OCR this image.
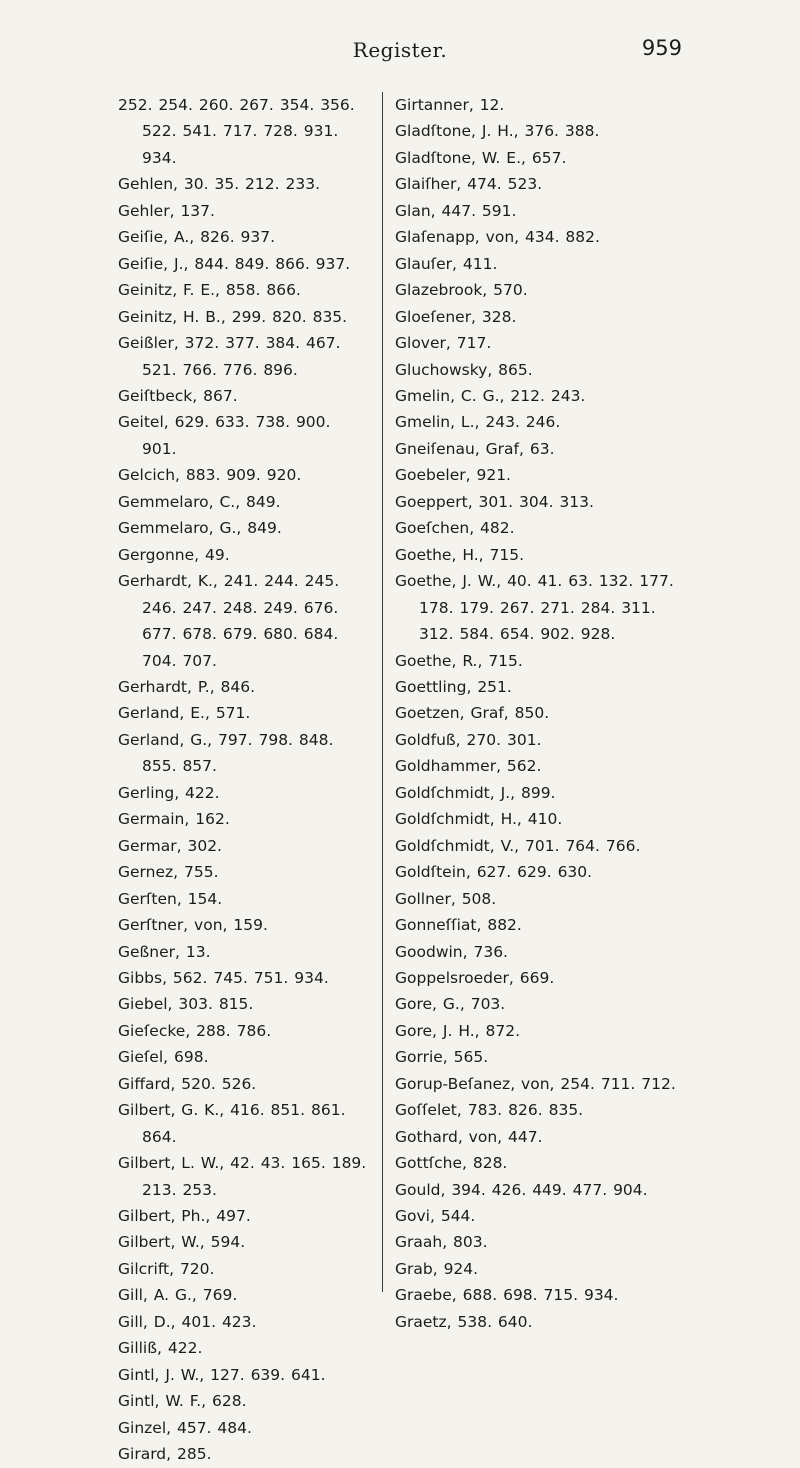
Register.	959
252. 254. 260. 267. 354. 356. 522. 541. 717. 728. 931. 934.
Gehlen, 30. 35. 212. 233.
Gehler, 137.
Geiſie, A., 826. 937.
Geiſie, J., 844. 849. 866. 937.
Geinitz, F. E., 858. 866.
Geinitz, H. B., 299. 820. 835.
Geißler, 372. 377. 384. 467. 521. 766. 776. 896.
Geiſtbeck, 867.
Geitel, 629. 633. 738. 900. 901.
Gelcich, 883. 909. 920.
Gemmelaro, C., 849.
Gemmelaro, G., 849.
Gergonne, 49.
Gerhardt, K., 241. 244. 245. 246. 247. 248. 249. 676. 677. 678. 679. 680. 684. 704. 707.
Gerhardt, P., 846.
Gerland, E., 571.
Gerland, G., 797. 798. 848. 855. 857.
Gerling, 422.
Germain, 162.
Germar, 302.
Gernez, 755.
Gerſten, 154.
Gerſtner, von, 159.
Geßner, 13.
Gibbs, 562. 745. 751. 934.
Giebel, 303. 815.
Gieſecke, 288. 786.
Gieſel, 698.
Giffard, 520. 526.
Gilbert, G. K., 416. 851. 861. 864.
Gilbert, L. W., 42. 43. 165. 189. 213. 253.
Gilbert, Ph., 497.
Gilbert, W., 594.
Gilcrift, 720.
Gill, A. G., 769.
Gill, D., 401. 423.
Gilliß, 422.
Gintl, J. W., 127. 639. 641.
Gintl, W. F., 628.
Ginzel, 457. 484.
Girard, 285.
Girtanner, 12.
Gladſtone, J. H., 376. 388.
Gladſtone, W. E., 657.
Glaiſher, 474. 523.
Glan, 447. 591.
Glaſenapp, von, 434. 882.
Glauſer, 411.
Glazebrook, 570.
Gloeſener, 328.
Glover, 717.
Gluchowsky, 865.
Gmelin, C. G., 212. 243.
Gmelin, L., 243. 246.
Gneiſenau, Graf, 63.
Goebeler, 921.
Goeppert, 301. 304. 313.
Goeſchen, 482.
Goethe, H., 715.
Goethe, J. W., 40. 41. 63. 132. 177. 178. 179. 267. 271. 284. 311. 312. 584. 654. 902. 928.
Goethe, R., 715.
Goettling, 251.
Goetzen, Graf, 850.
Goldfuß, 270. 301.
Goldhammer, 562.
Goldſchmidt, J., 899.
Goldſchmidt, H., 410.
Goldſchmidt, V., 701. 764. 766.
Goldſtein, 627. 629. 630.
Gollner, 508.
Gonneſſiat, 882.
Goodwin, 736.
Goppelsroeder, 669.
Gore, G., 703.
Gore, J. H., 872.
Gorrie, 565.
Gorup-Beſanez, von, 254. 711. 712.
Goſſelet, 783. 826. 835.
Gothard, von, 447.
Gottſche, 828.
Gould, 394. 426. 449. 477. 904.
Govi, 544.
Graah, 803.
Grab, 924.
Graebe, 688. 698. 715. 934.
Graetz, 538. 640.
